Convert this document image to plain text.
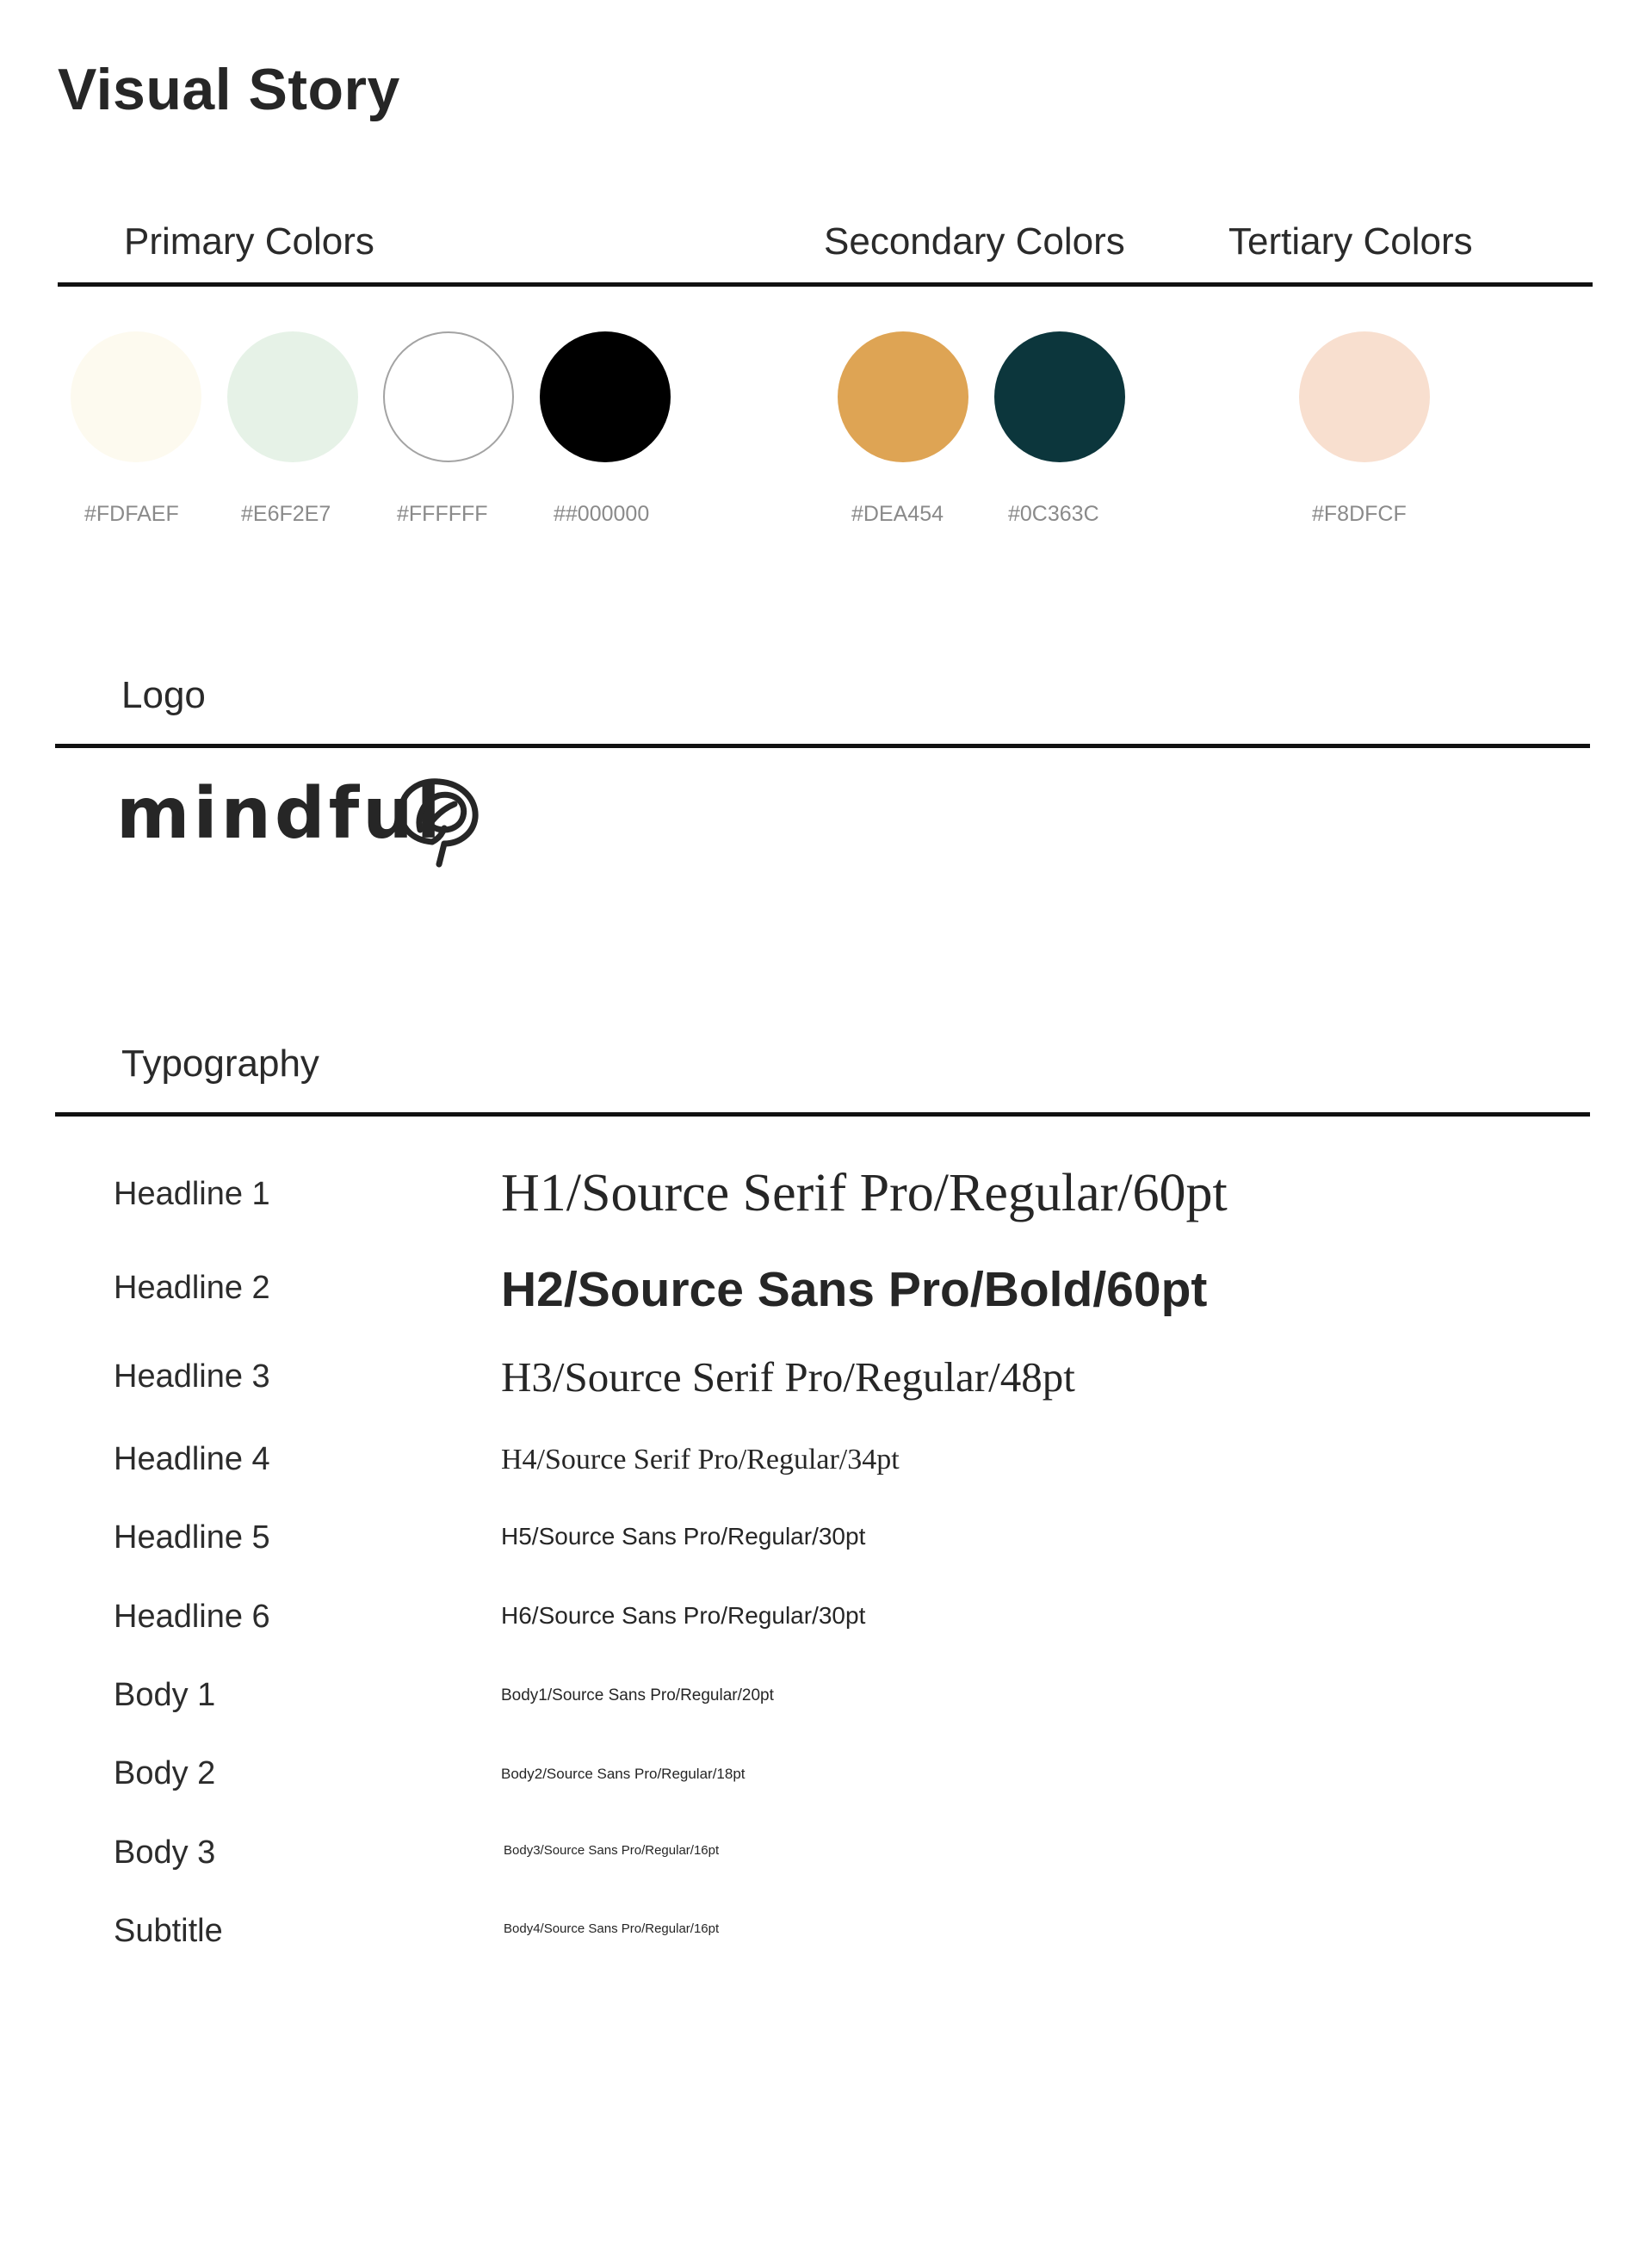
Visual Story
Primary Colors	Secondary Colors	Tertiary Colors
#FDFAEF	#E6F2E7	#FFFFFF	##000000	#DEA454	#0C363C	#F8DFCF
Logo
mindful
Typography
Headline 1	H1/Source Serif Pro/Regular/60pt
Headline 2	H2/Source Sans Pro/Bold/60pt
Headline 3	H3/Source Serif Pro/Regular/48pt
Headline 4	H4/Source Serif Pro/Regular/34pt
Headline 5	H5/Source Sans Pro/Regular/30pt
Headline 6	H6/Source Sans Pro/Regular/30pt
Body 1	Body1/Source Sans Pro/Regular/20pt
Body 2	Body2/Source Sans Pro/Regular/18pt
Body 3	Body3/Source Sans Pro/Regular/16pt
Subtitle	Body4/Source Sans Pro/Regular/16pt
